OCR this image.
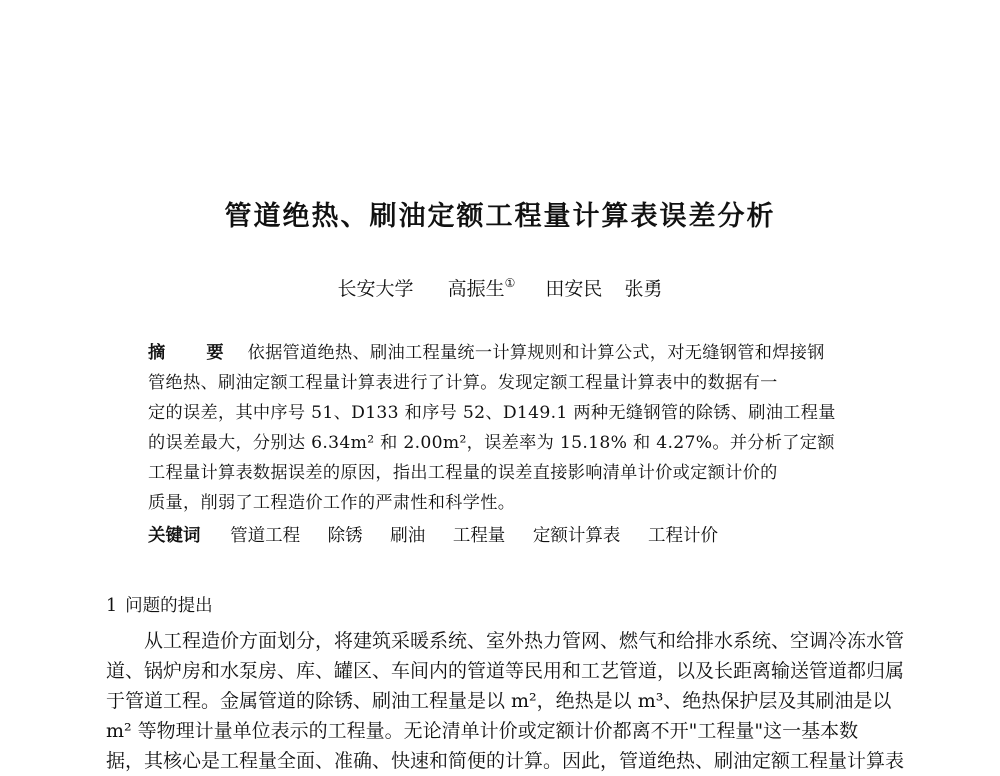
管道绝热、刷油定额工程量计算表误差分析
长安大学 高振生① 田安民 张勇
摘　要 依据管道绝热、刷油工程量统一计算规则和计算公式，对无缝钢管和焊接钢
管绝热、刷油定额工程量计算表进行了计算。发现定额工程量计算表中的数据有一
定的误差，其中序号 51、D133 和序号 52、D149.1 两种无缝钢管的除锈、刷油工程量
的误差最大，分别达 6.34m² 和 2.00m²，误差率为 15.18% 和 4.27%。并分析了定额
工程量计算表数据误差的原因，指出工程量的误差直接影响清单计价或定额计价的
质量，削弱了工程造价工作的严肃性和科学性。
关键词 管道工程 除锈 刷油 工程量 定额计算表 工程计价
1 问题的提出
从工程造价方面划分，将建筑采暖系统、室外热力管网、燃气和给排水系统、空调冷冻水管
道、锅炉房和水泵房、库、罐区、车间内的管道等民用和工艺管道，以及长距离输送管道都归属
于管道工程。金属管道的除锈、刷油工程量是以 m²，绝热是以 m³、绝热保护层及其刷油是以
m² 等物理计量单位表示的工程量。无论清单计价或定额计价都离不开"工程量"这一基本数
据，其核心是工程量全面、准确、快速和简便的计算。因此，管道绝热、刷油定额工程量计算表
